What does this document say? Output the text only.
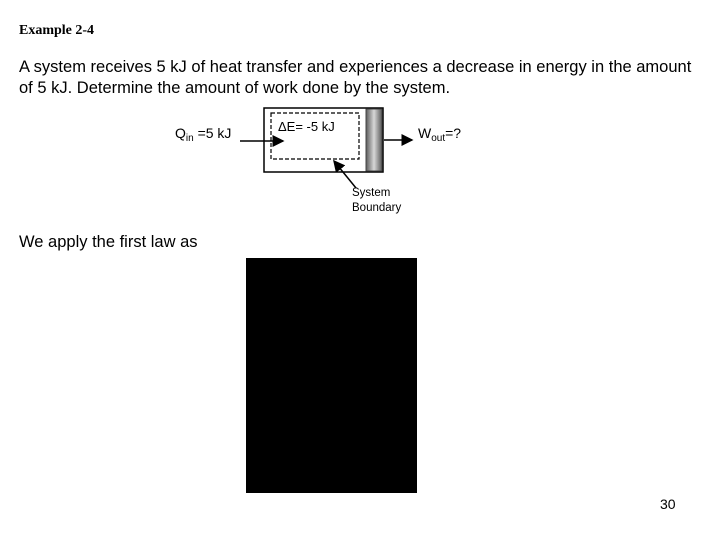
Example 2-4
A system receives 5 kJ of heat transfer and experiences a decrease in energy in the amount of 5 kJ. Determine the amount of work done by the system.
$Q_{in} =5$ kJ	ΔE= -5 kJ	$W_{out}=$?
System
Boundary
We apply the first law as
30
